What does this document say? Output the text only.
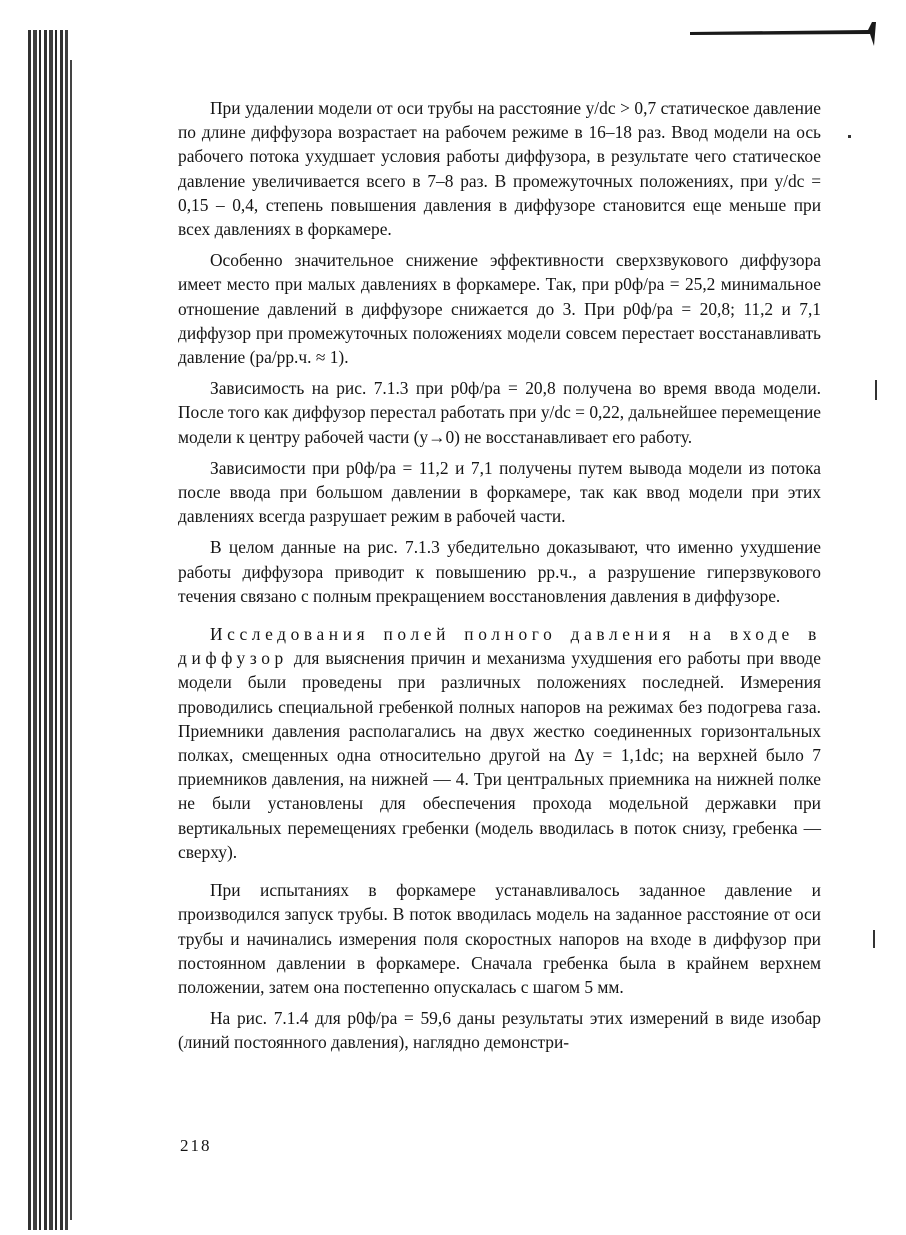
При удалении модели от оси трубы на расстояние y/dc > 0,7 статическое давление по длине диффузора возрастает на рабочем режиме в 16–18 раз. Ввод модели на ось рабочего потока ухудшает условия работы диффузора, в результате чего статическое давление увеличивается всего в 7–8 раз. В промежуточных положениях, при y/dc = 0,15 – 0,4, степень повышения давления в диффузоре становится еще меньше при всех давлениях в форкамере.

Особенно значительное снижение эффективности сверхзвукового диффузора имеет место при малых давлениях в форкамере. Так, при p0ф/pa = 25,2 минимальное отношение давлений в диффузоре снижается до 3. При p0ф/pa = 20,8; 11,2 и 7,1 диффузор при промежуточных положениях модели совсем перестает восстанавливать давление (pa/pр.ч. ≈ 1).

Зависимость на рис. 7.1.3 при p0ф/pa = 20,8 получена во время ввода модели. После того как диффузор перестал работать при y/dc = 0,22, дальнейшее перемещение модели к центру рабочей части (y→0) не восстанавливает его работу.

Зависимости при p0ф/pa = 11,2 и 7,1 получены путем вывода модели из потока после ввода при большом давлении в форкамере, так как ввод модели при этих давлениях всегда разрушает режим в рабочей части.

В целом данные на рис. 7.1.3 убедительно доказывают, что именно ухудшение работы диффузора приводит к повышению pр.ч., а разрушение гиперзвукового течения связано с полным прекращением восстановления давления в диффузоре.

Исследования полей полного давления на входе в диффузор для выяснения причин и механизма ухудшения его работы при вводе модели были проведены при различных положениях последней. Измерения проводились специальной гребенкой полных напоров на режимах без подогрева газа. Приемники давления располагались на двух жестко соединенных горизонтальных полках, смещенных одна относительно другой на Δy = 1,1dc; на верхней было 7 приемников давления, на нижней — 4. Три центральных приемника на нижней полке не были установлены для обеспечения прохода модельной державки при вертикальных перемещениях гребенки (модель вводилась в поток снизу, гребенка — сверху).

При испытаниях в форкамере устанавливалось заданное давление и производился запуск трубы. В поток вводилась модель на заданное расстояние от оси трубы и начинались измерения поля скоростных напоров на входе в диффузор при постоянном давлении в форкамере. Сначала гребенка была в крайнем верхнем положении, затем она постепенно опускалась с шагом 5 мм.

На рис. 7.1.4 для p0ф/pa = 59,6 даны результаты этих измерений в виде изобар (линий постоянного давления), наглядно демонстри-

218
